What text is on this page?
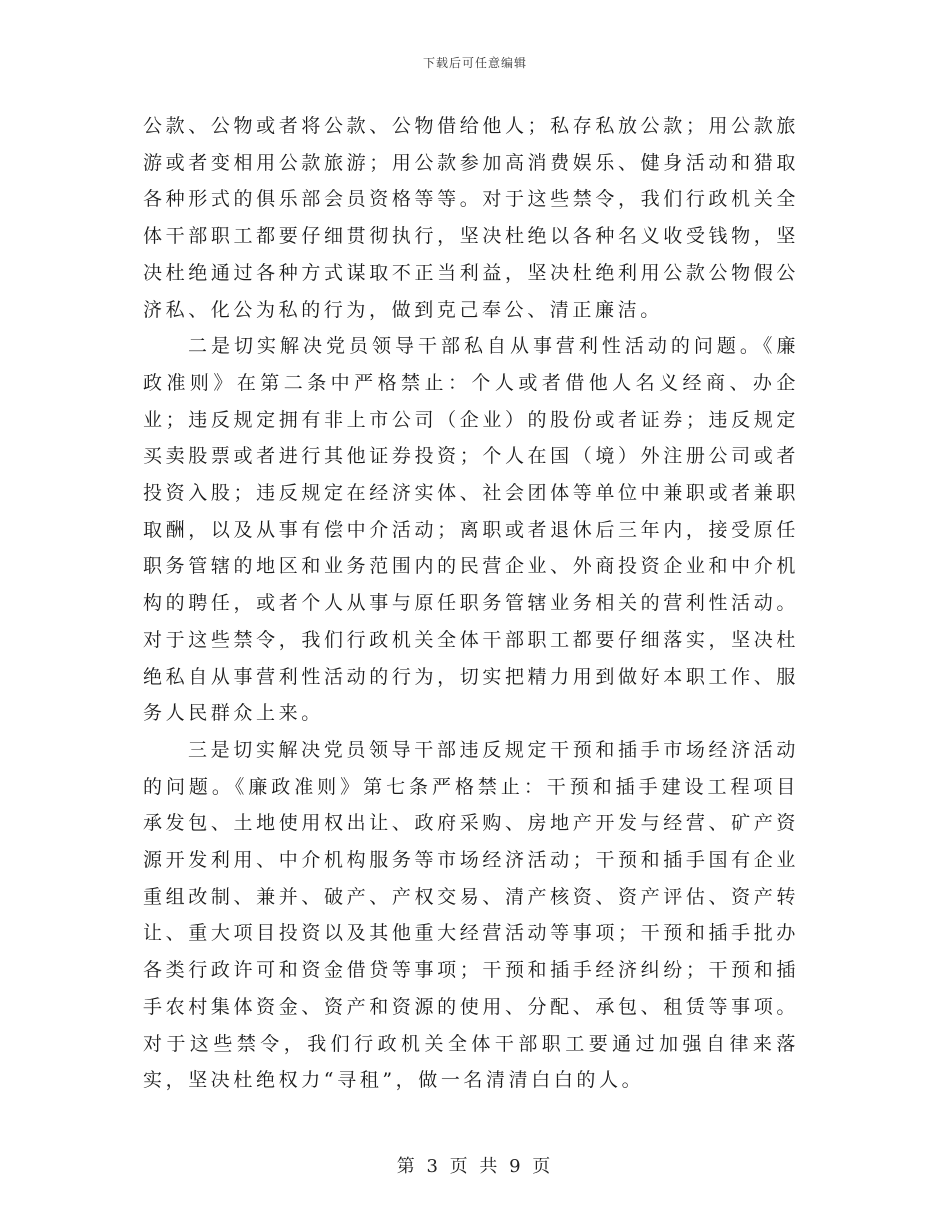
下载后可任意编辑

公款、公物或者将公款、公物借给他人；私存私放公款；用公款旅游或者变相用公款旅游；用公款参加高消费娱乐、健身活动和猎取各种形式的俱乐部会员资格等等。对于这些禁令，我们行政机关全体干部职工都要仔细贯彻执行，坚决杜绝以各种名义收受钱物，坚决杜绝通过各种方式谋取不正当利益，坚决杜绝利用公款公物假公济私、化公为私的行为，做到克己奉公、清正廉洁。

二是切实解决党员领导干部私自从事营利性活动的问题。《廉政准则》在第二条中严格禁止：个人或者借他人名义经商、办企业；违反规定拥有非上市公司（企业）的股份或者证券；违反规定买卖股票或者进行其他证券投资；个人在国（境）外注册公司或者投资入股；违反规定在经济实体、社会团体等单位中兼职或者兼职取酬，以及从事有偿中介活动；离职或者退休后三年内，接受原任职务管辖的地区和业务范围内的民营企业、外商投资企业和中介机构的聘任，或者个人从事与原任职务管辖业务相关的营利性活动。对于这些禁令，我们行政机关全体干部职工都要仔细落实，坚决杜绝私自从事营利性活动的行为，切实把精力用到做好本职工作、服务人民群众上来。

三是切实解决党员领导干部违反规定干预和插手市场经济活动的问题。《廉政准则》第七条严格禁止：干预和插手建设工程项目承发包、土地使用权出让、政府采购、房地产开发与经营、矿产资源开发利用、中介机构服务等市场经济活动；干预和插手国有企业重组改制、兼并、破产、产权交易、清产核资、资产评估、资产转让、重大项目投资以及其他重大经营活动等事项；干预和插手批办各类行政许可和资金借贷等事项；干预和插手经济纠纷；干预和插手农村集体资金、资产和资源的使用、分配、承包、租赁等事项。对于这些禁令，我们行政机关全体干部职工要通过加强自律来落实，坚决杜绝权力“寻租”，做一名清清白白的人。

第 3 页 共 9 页
